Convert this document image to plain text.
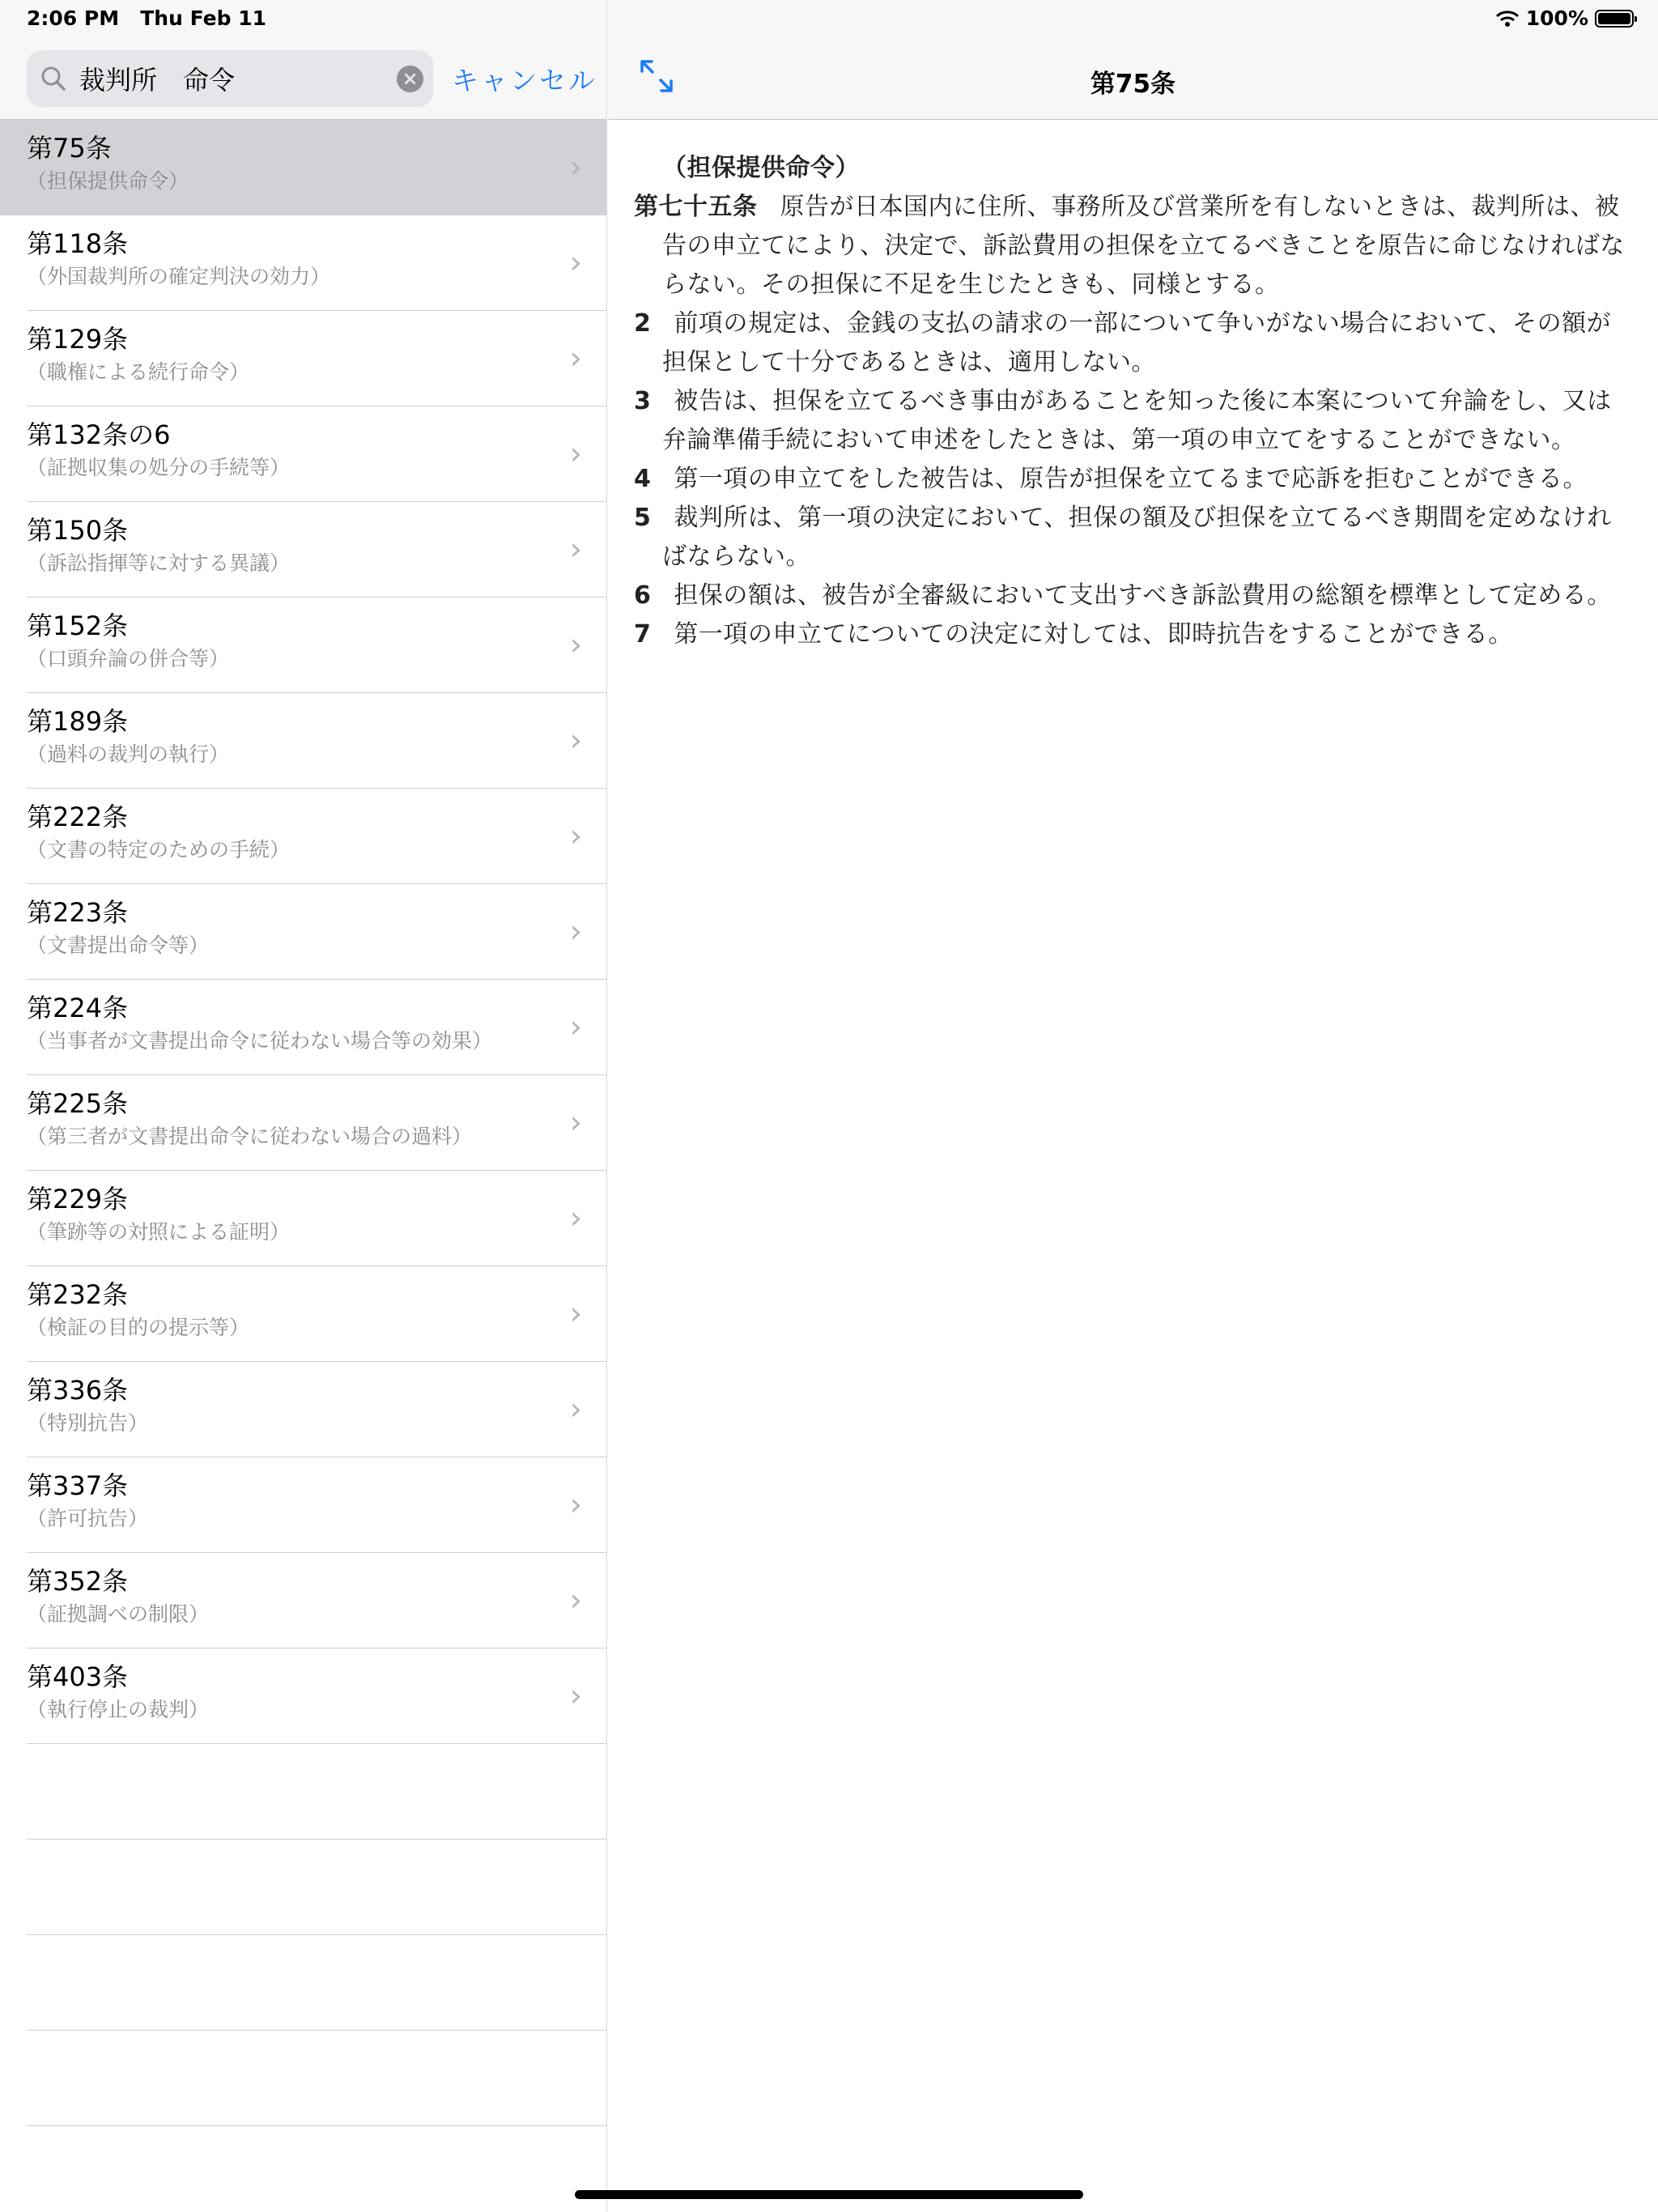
2:06 PM Thu Feb 11	100%
裁判所　命令	× キャンセル
第75条
（担保提供命令）	›
第118条
（外国裁判所の確定判決の効力）	›
第129条
（職権による続行命令）	›
第132条の6
（証拠収集の処分の手続等）	›
第150条
（訴訟指揮等に対する異議）	›
第152条
（口頭弁論の併合等）	›
第189条
（過料の裁判の執行）	›
第222条
（文書の特定のための手続）	›
第223条
（文書提出命令等）	›
第224条
（当事者が文書提出命令に従わない場合等の効果）	›
第225条
（第三者が文書提出命令に従わない場合の過料）	›
第229条
（筆跡等の対照による証明）	›
第232条
（検証の目的の提示等）	›
第336条
（特別抗告）	›
第337条
（許可抗告）	›
第352条
（証拠調べの制限）	›
第403条
（執行停止の裁判）	›
第75条
（担保提供命令）
第七十五条 原告が日本国内に住所、事務所及び営業所を有しないときは、裁判所は、被告の申立てにより、決定で、訴訟費用の担保を立てるべきことを原告に命じなければならない。その担保に不足を生じたときも、同様とする。
2 前項の規定は、金銭の支払の請求の一部について争いがない場合において、その額が担保として十分であるときは、適用しない。
3 被告は、担保を立てるべき事由があることを知った後に本案について弁論をし、又は弁論準備手続において申述をしたときは、第一項の申立てをすることができない。
4 第一項の申立てをした被告は、原告が担保を立てるまで応訴を拒むことができる。
5 裁判所は、第一項の決定において、担保の額及び担保を立てるべき期間を定めなければならない。
6 担保の額は、被告が全審級において支出すべき訴訟費用の総額を標準として定める。
7 第一項の申立てについての決定に対しては、即時抗告をすることができる。
